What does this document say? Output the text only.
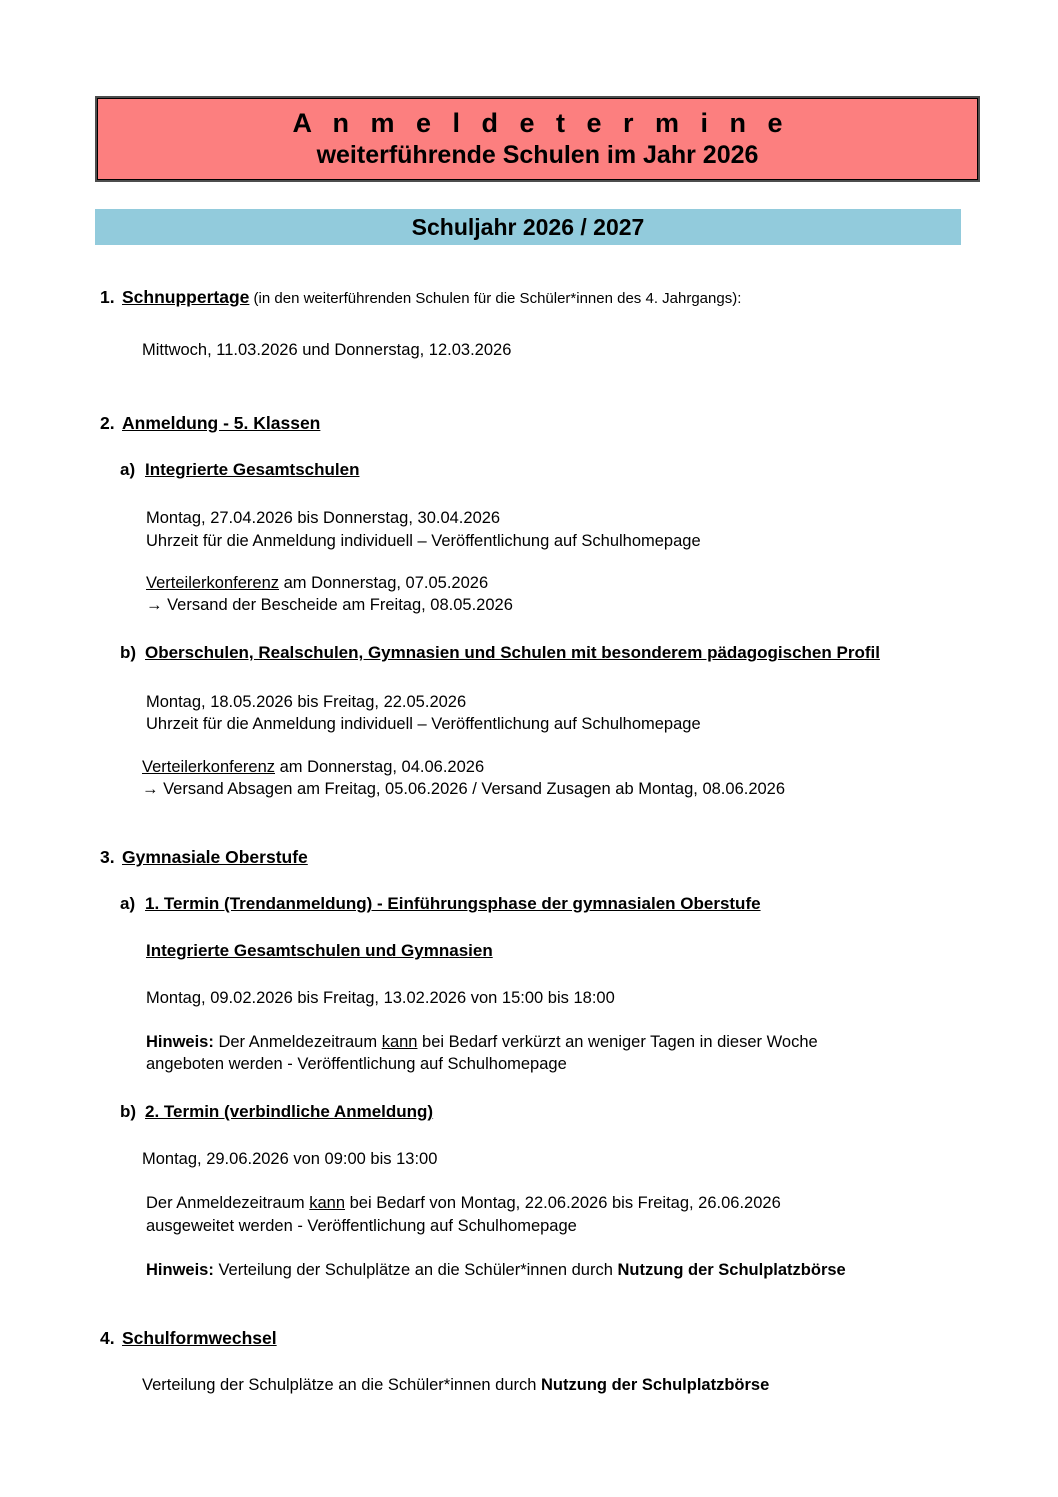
A n m e l d e t e r m i n e
weiterführende Schulen im Jahr 2026
Schuljahr 2026 / 2027
1. Schnuppertage (in den weiterführenden Schulen für die Schüler*innen des 4. Jahrgangs):
Mittwoch, 11.03.2026 und Donnerstag, 12.03.2026
2. Anmeldung - 5. Klassen
a) Integrierte Gesamtschulen
Montag, 27.04.2026 bis Donnerstag, 30.04.2026
Uhrzeit für die Anmeldung individuell – Veröffentlichung auf Schulhomepage
Verteilerkonferenz am Donnerstag, 07.05.2026
→ Versand der Bescheide am Freitag, 08.05.2026
b) Oberschulen, Realschulen, Gymnasien und Schulen mit besonderem pädagogischen Profil
Montag, 18.05.2026 bis Freitag, 22.05.2026
Uhrzeit für die Anmeldung individuell – Veröffentlichung auf Schulhomepage
Verteilerkonferenz am Donnerstag, 04.06.2026
→ Versand Absagen am Freitag, 05.06.2026 / Versand Zusagen ab Montag, 08.06.2026
3. Gymnasiale Oberstufe
a) 1. Termin (Trendanmeldung) - Einführungsphase der gymnasialen Oberstufe
Integrierte Gesamtschulen und Gymnasien
Montag, 09.02.2026 bis Freitag, 13.02.2026 von 15:00 bis 18:00
Hinweis: Der Anmeldezeitraum kann bei Bedarf verkürzt an weniger Tagen in dieser Woche
angeboten werden - Veröffentlichung auf Schulhomepage
b) 2. Termin (verbindliche Anmeldung)
Montag, 29.06.2026 von 09:00 bis 13:00
Der Anmeldezeitraum kann bei Bedarf von Montag, 22.06.2026 bis Freitag, 26.06.2026
ausgeweitet werden - Veröffentlichung auf Schulhomepage
Hinweis: Verteilung der Schulplätze an die Schüler*innen durch Nutzung der Schulplatzbörse
4. Schulformwechsel
Verteilung der Schulplätze an die Schüler*innen durch Nutzung der Schulplatzbörse
